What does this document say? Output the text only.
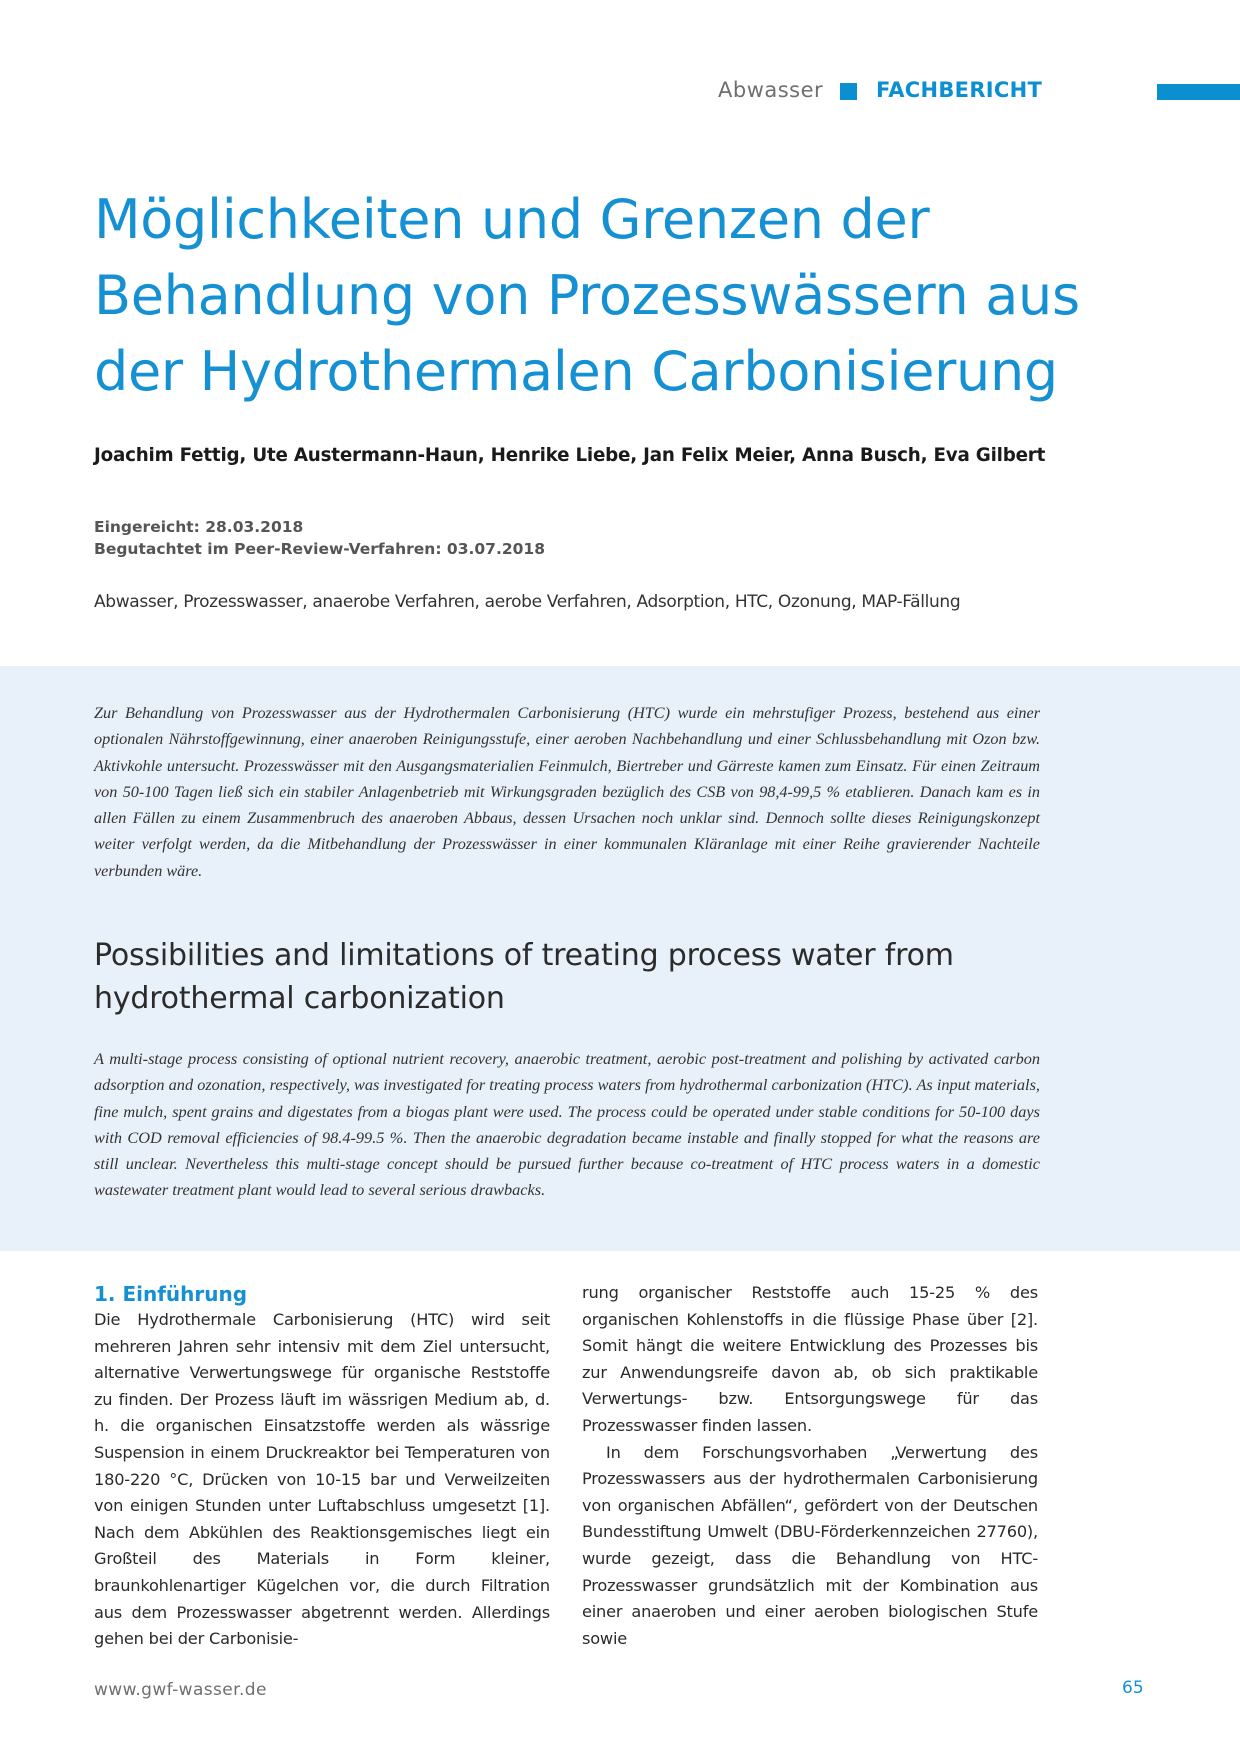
Abwasser	FACHBERICHT
Möglichkeiten und Grenzen der Behandlung von Prozesswässern aus der Hydrothermalen Carbonisierung
Joachim Fettig, Ute Austermann-Haun, Henrike Liebe, Jan Felix Meier, Anna Busch, Eva Gilbert
Eingereicht: 28.03.2018
Begutachtet im Peer-Review-Verfahren: 03.07.2018
Abwasser, Prozesswasser, anaerobe Verfahren, aerobe Verfahren, Adsorption, HTC, Ozonung, MAP-Fällung
Zur Behandlung von Prozesswasser aus der Hydrothermalen Carbonisierung (HTC) wurde ein mehrstufiger Prozess, bestehend aus einer optionalen Nährstoffgewinnung, einer anaeroben Reinigungsstufe, einer aeroben Nachbehandlung und einer Schlussbehandlung mit Ozon bzw. Aktivkohle untersucht. Prozesswässer mit den Ausgangsmaterialien Feinmulch, Biertreber und Gärreste kamen zum Einsatz. Für einen Zeitraum von 50-100 Tagen ließ sich ein stabiler Anlagenbetrieb mit Wirkungsgraden bezüglich des CSB von 98,4-99,5 % etablieren. Danach kam es in allen Fällen zu einem Zusammenbruch des anaeroben Abbaus, dessen Ursachen noch unklar sind. Dennoch sollte dieses Reinigungskonzept weiter verfolgt werden, da die Mitbehandlung der Prozesswässer in einer kommunalen Kläranlage mit einer Reihe gravierender Nachteile verbunden wäre.
Possibilities and limitations of treating process water from hydrothermal carbonization
A multi-stage process consisting of optional nutrient recovery, anaerobic treatment, aerobic post-treatment and polishing by activated carbon adsorption and ozonation, respectively, was investigated for treating process waters from hydrothermal carbonization (HTC). As input materials, fine mulch, spent grains and digestates from a biogas plant were used. The process could be operated under stable conditions for 50-100 days with COD removal efficiencies of 98.4-99.5 %. Then the anaerobic degradation became instable and finally stopped for what the reasons are still unclear. Nevertheless this multi-stage concept should be pursued further because co-treatment of HTC process waters in a domestic wastewater treatment plant would lead to several serious drawbacks.
1. Einführung

Die Hydrothermale Carbonisierung (HTC) wird seit mehreren Jahren sehr intensiv mit dem Ziel untersucht, alternative Verwertungswege für organische Reststoffe zu finden. Der Prozess läuft im wässrigen Medium ab, d. h. die organischen Einsatzstoffe werden als wässrige Suspension in einem Druckreaktor bei Temperaturen von 180-220 °C, Drücken von 10-15 bar und Verweilzeiten von einigen Stunden unter Luftabschluss umgesetzt [1]. Nach dem Abkühlen des Reaktionsgemisches liegt ein Großteil des Materials in Form kleiner, braunkohlenartiger Kügelchen vor, die durch Filtration aus dem Prozesswasser abgetrennt werden. Allerdings gehen bei der Carbonisie-

rung organischer Reststoffe auch 15-25 % des organischen Kohlenstoffs in die flüssige Phase über [2]. Somit hängt die weitere Entwicklung des Prozesses bis zur Anwendungsreife davon ab, ob sich praktikable Verwertungs- bzw. Entsorgungswege für das Prozesswasser finden lassen.

In dem Forschungsvorhaben „Verwertung des Prozesswassers aus der hydrothermalen Carbonisierung von organischen Abfällen“, gefördert von der Deutschen Bundesstiftung Umwelt (DBU-Förderkennzeichen 27760), wurde gezeigt, dass die Behandlung von HTC-Prozesswasser grundsätzlich mit der Kombination aus einer anaeroben und einer aeroben biologischen Stufe sowie

www.gwf-wasser.de	65
